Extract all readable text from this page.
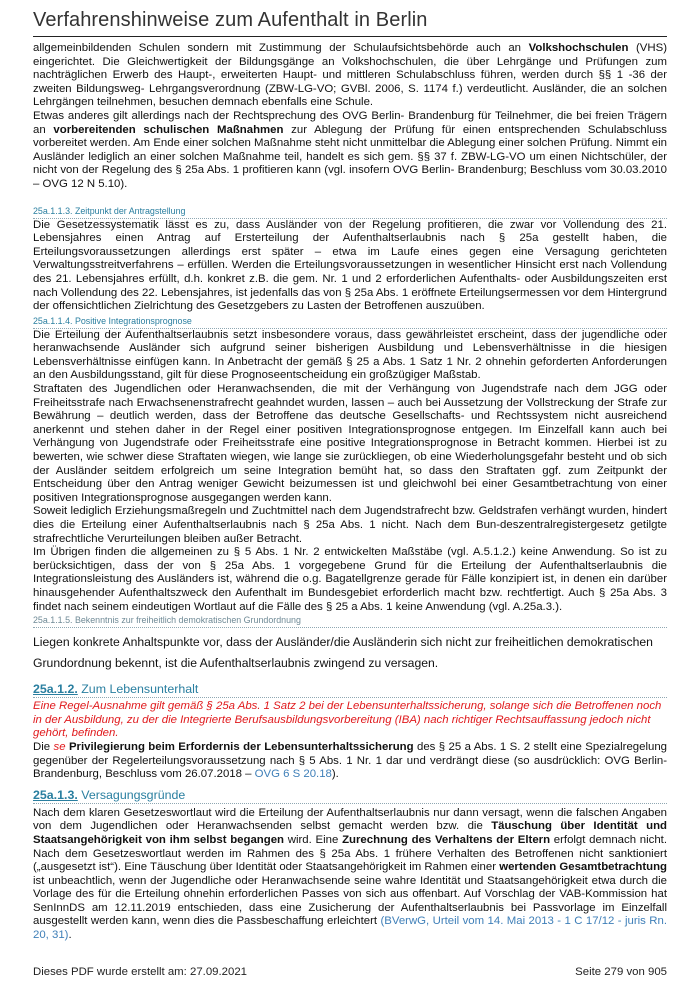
Verfahrenshinweise zum Aufenthalt in Berlin

allgemeinbildenden Schulen sondern mit Zustimmung der Schulaufsichtsbehörde auch an Volkshochschulen (VHS) eingerichtet. Die Gleichwertigkeit der Bildungsgänge an Volkshochschulen, die über Lehrgänge und Prüfungen zum nachträglichen Erwerb des Haupt-, erweiterten Haupt- und mittleren Schulabschluss führen, werden durch §§ 1 -36 der zweiten Bildungsweg- Lehrgangsverordnung (ZBW-LG-VO; GVBl. 2006, S. 1174 f.) verdeutlicht. Ausländer, die an solchen Lehrgängen teilnehmen, besuchen demnach ebenfalls eine Schule.

Etwas anderes gilt allerdings nach der Rechtsprechung des OVG Berlin- Brandenburg für Teilnehmer, die bei freien Trägern an vorbereitenden schulischen Maßnahmen zur Ablegung der Prüfung für einen entsprechenden Schulabschluss vorbereitet werden. Am Ende einer solchen Maßnahme steht nicht unmittelbar die Ablegung einer solchen Prüfung. Nimmt ein Ausländer lediglich an einer solchen Maßnahme teil, handelt es sich gem. §§ 37 f. ZBW-LG-VO um einen Nichtschüler, der nicht von der Regelung des § 25a Abs. 1 profitieren kann (vgl. insofern OVG Berlin- Brandenburg; Beschluss vom 30.03.2010 – OVG 12 N 5.10).

25a.1.1.3. Zeitpunkt der Antragstellung

Die Gesetzessystematik lässt es zu, dass Ausländer von der Regelung profitieren, die zwar vor Vollendung des 21. Lebensjahres einen Antrag auf Ersterteilung der Aufenthaltserlaubnis nach § 25a gestellt haben, die Erteilungsvoraussetzungen allerdings erst später – etwa im Laufe eines gegen eine Versagung gerichteten Verwaltungsstreitverfahrens – erfüllen. Werden die Erteilungsvoraussetzungen in wesentlicher Hinsicht erst nach Vollendung des 21. Lebensjahres erfüllt, d.h. konkret z.B. die gem. Nr. 1 und 2 erforderlichen Aufenthalts- oder Ausbildungszeiten erst nach Vollendung des 22. Lebensjahres, ist jedenfalls das von § 25a Abs. 1 eröffnete Erteilungsermessen vor dem Hintergrund der offensichtlichen Zielrichtung des Gesetzgebers zu Lasten der Betroffenen auszuüben.

25a.1.1.4. Positive Integrationsprognose

Die Erteilung der Aufenthaltserlaubnis setzt insbesondere voraus, dass gewährleistet erscheint, dass der jugendliche oder heranwachsende Ausländer sich aufgrund seiner bisherigen Ausbildung und Lebensverhältnisse in die hiesigen Lebensverhältnisse einfügen kann. In Anbetracht der gemäß § 25 a Abs. 1 Satz 1 Nr. 2 ohnehin geforderten Anforderungen an den Ausbildungsstand, gilt für diese Prognoseentscheidung ein großzügiger Maßstab.

Straftaten des Jugendlichen oder Heranwachsenden, die mit der Verhängung von Jugendstrafe nach dem JGG oder Freiheitsstrafe nach Erwachsenenstrafrecht geahndet wurden, lassen – auch bei Aussetzung der Vollstreckung der Strafe zur Bewährung – deutlich werden, dass der Betroffene das deutsche Gesellschafts- und Rechtssystem nicht ausreichend anerkennt und stehen daher in der Regel einer positiven Integrationsprognose entgegen. Im Einzelfall kann auch bei Verhängung von Jugendstrafe oder Freiheitsstrafe eine positive Integrationsprognose in Betracht kommen. Hierbei ist zu bewerten, wie schwer diese Straftaten wiegen, wie lange sie zurückliegen, ob eine Wiederholungsgefahr besteht und ob sich der Ausländer seitdem erfolgreich um seine Integration bemüht hat, so dass den Straftaten ggf. zum Zeitpunkt der Entscheidung über den Antrag weniger Gewicht beizumessen ist und gleichwohl bei einer Gesamtbetrachtung von einer positiven Integrationsprognose ausgegangen werden kann.

Soweit lediglich Erziehungsmaßregeln und Zuchtmittel nach dem Jugendstrafrecht bzw. Geldstrafen verhängt wurden, hindert dies die Erteilung einer Aufenthaltserlaubnis nach § 25a Abs. 1 nicht. Nach dem Bun-deszentralregistergesetz getilgte strafrechtliche Verurteilungen bleiben außer Betracht.

Im Übrigen finden die allgemeinen zu § 5 Abs. 1 Nr. 2 entwickelten Maßstäbe (vgl. A.5.1.2.) keine Anwendung. So ist zu berücksichtigen, dass der von § 25a Abs. 1 vorgegebene Grund für die Erteilung der Aufenthaltserlaubnis die Integrationsleistung des Ausländers ist, während die o.g. Bagatellgrenze gerade für Fälle konzipiert ist, in denen ein darüber hinausgehender Aufenthaltszweck den Aufenthalt im Bundesgebiet erforderlich macht bzw. rechtfertigt. Auch § 25a Abs. 3 findet nach seinem eindeutigen Wortlaut auf die Fälle des § 25 a Abs. 1 keine Anwendung (vgl. A.25a.3.).

25a.1.1.5. Bekenntnis zur freiheitlich demokratischen Grundordnung

Liegen konkrete Anhaltspunkte vor, dass der Ausländer/die Ausländerin sich nicht zur freiheitlichen demokratischen Grundordnung bekennt, ist die Aufenthaltserlaubnis zwingend zu versagen.

25a.1.2. Zum Lebensunterhalt

Eine Regel-Ausnahme gilt gemäß § 25a Abs. 1 Satz 2 bei der Lebensunterhaltssicherung, solange sich die Betroffenen noch in der Ausbildung, zu der die Integrierte Berufsausbildungsvorbereitung (IBA) nach richtiger Rechtsauffassung jedoch nicht gehört, befinden.

Die se Privilegierung beim Erfordernis der Lebensunterhaltssicherung des § 25 a Abs. 1 S. 2 stellt eine Spezialregelung gegenüber der Regelerteilungsvoraussetzung nach § 5 Abs. 1 Nr. 1 dar und verdrängt diese (so ausdrücklich: OVG Berlin-Brandenburg, Beschluss vom 26.07.2018 – OVG 6 S 20.18).

25a.1.3. Versagungsgründe

Nach dem klaren Gesetzeswortlaut wird die Erteilung der Aufenthaltserlaubnis nur dann versagt, wenn die falschen Angaben von dem Jugendlichen oder Heranwachsenden selbst gemacht werden bzw. die Täuschung über Identität und Staatsangehörigkeit von ihm selbst begangen wird. Eine Zurechnung des Verhaltens der Eltern erfolgt demnach nicht. Nach dem Gesetzeswortlaut werden im Rahmen des § 25a Abs. 1 frühere Verhalten des Betroffenen nicht sanktioniert („ausgesetzt ist“). Eine Täuschung über Identität oder Staatsangehörigkeit im Rahmen einer wertenden Gesamtbetrachtung ist unbeachtlich, wenn der Jugendliche oder Heranwachsende seine wahre Identität und Staatsangehörigkeit etwa durch die Vorlage des für die Erteilung ohnehin erforderlichen Passes von sich aus offenbart. Auf Vorschlag der VAB-Kommission hat SenInnDS am 12.11.2019 entschieden, dass eine Zusicherung der Aufenthaltserlaubnis bei Passvorlage im Einzelfall ausgestellt werden kann, wenn dies die Passbeschaffung erleichtert (BVerwG, Urteil vom 14. Mai 2013 - 1 C 17/12 - juris Rn. 20, 31).

Dieses PDF wurde erstellt am: 27.09.2021	Seite 279 von 905
